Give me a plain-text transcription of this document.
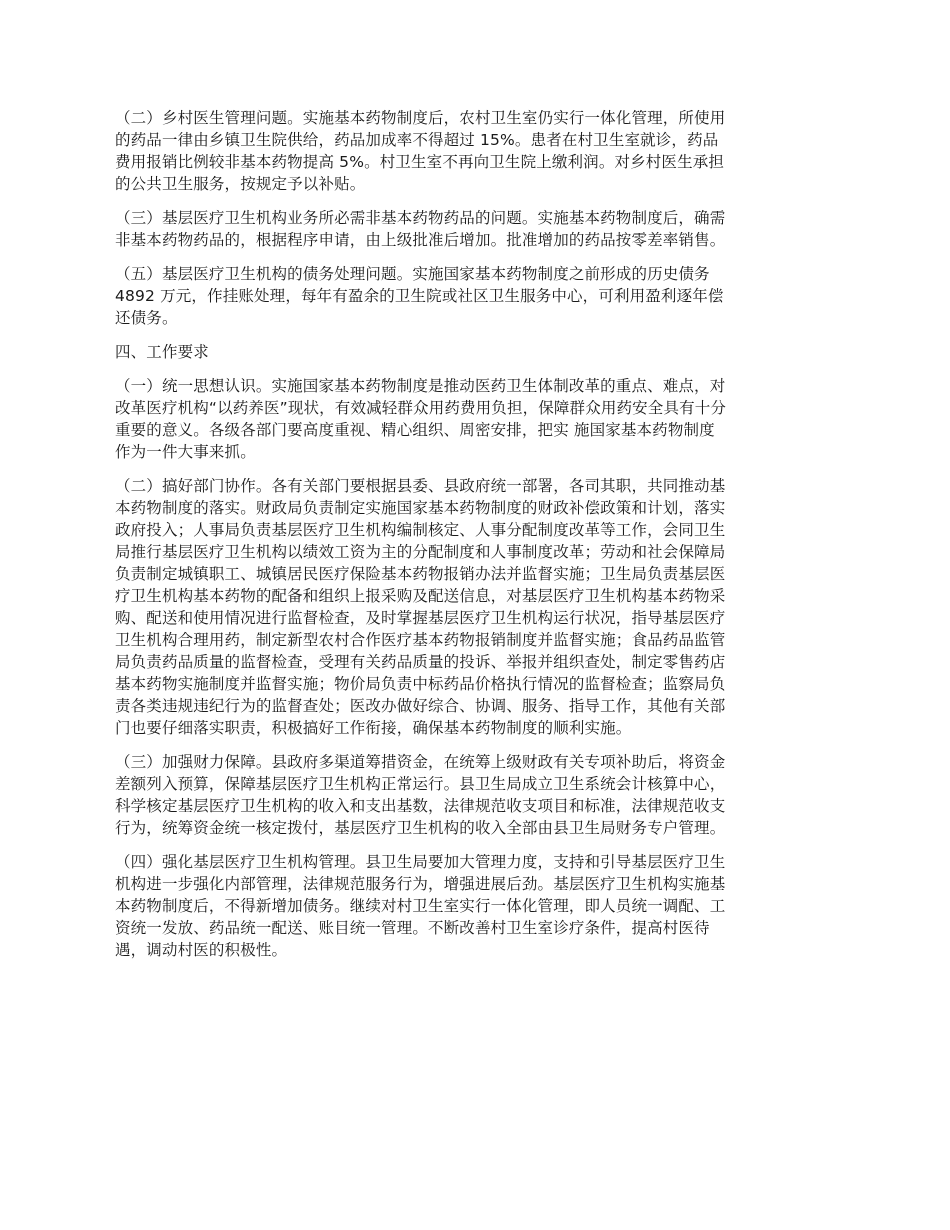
（二）乡村医生管理问题。实施基本药物制度后，农村卫生室仍实行一体化管理，所使用
的药品一律由乡镇卫生院供给，药品加成率不得超过 15%。患者在村卫生室就诊，药品
费用报销比例较非基本药物提高 5%。村卫生室不再向卫生院上缴利润。对乡村医生承担
的公共卫生服务，按规定予以补贴。
（三）基层医疗卫生机构业务所必需非基本药物药品的问题。实施基本药物制度后，确需
非基本药物药品的，根据程序申请，由上级批准后增加。批准增加的药品按零差率销售。
（五）基层医疗卫生机构的债务处理问题。实施国家基本药物制度之前形成的历史债务
4892 万元，作挂账处理，每年有盈余的卫生院或社区卫生服务中心，可利用盈利逐年偿
还债务。
四、工作要求
（一）统一思想认识。实施国家基本药物制度是推动医药卫生体制改革的重点、难点，对
改革医疗机构“以药养医”现状，有效减轻群众用药费用负担，保障群众用药安全具有十分
重要的意义。各级各部门要高度重视、精心组织、周密安排，把实 施国家基本药物制度
作为一件大事来抓。
（二）搞好部门协作。各有关部门要根据县委、县政府统一部署，各司其职，共同推动基
本药物制度的落实。财政局负责制定实施国家基本药物制度的财政补偿政策和计划，落实
政府投入；人事局负责基层医疗卫生机构编制核定、人事分配制度改革等工作，会同卫生
局推行基层医疗卫生机构以绩效工资为主的分配制度和人事制度改革；劳动和社会保障局
负责制定城镇职工、城镇居民医疗保险基本药物报销办法并监督实施；卫生局负责基层医
疗卫生机构基本药物的配备和组织上报采购及配送信息，对基层医疗卫生机构基本药物采
购、配送和使用情况进行监督检查，及时掌握基层医疗卫生机构运行状况，指导基层医疗
卫生机构合理用药，制定新型农村合作医疗基本药物报销制度并监督实施；食品药品监管
局负责药品质量的监督检查，受理有关药品质量的投诉、举报并组织查处，制定零售药店
基本药物实施制度并监督实施；物价局负责中标药品价格执行情况的监督检查；监察局负
责各类违规违纪行为的监督查处；医改办做好综合、协调、服务、指导工作，其他有关部
门也要仔细落实职责，积极搞好工作衔接，确保基本药物制度的顺利实施。
（三）加强财力保障。县政府多渠道筹措资金，在统筹上级财政有关专项补助后，将资金
差额列入预算，保障基层医疗卫生机构正常运行。县卫生局成立卫生系统会计核算中心，
科学核定基层医疗卫生机构的收入和支出基数，法律规范收支项目和标准，法律规范收支
行为，统筹资金统一核定拨付，基层医疗卫生机构的收入全部由县卫生局财务专户管理。
（四）强化基层医疗卫生机构管理。县卫生局要加大管理力度，支持和引导基层医疗卫生
机构进一步强化内部管理，法律规范服务行为，增强进展后劲。基层医疗卫生机构实施基
本药物制度后，不得新增加债务。继续对村卫生室实行一体化管理，即人员统一调配、工
资统一发放、药品统一配送、账目统一管理。不断改善村卫生室诊疗条件，提高村医待
遇，调动村医的积极性。
